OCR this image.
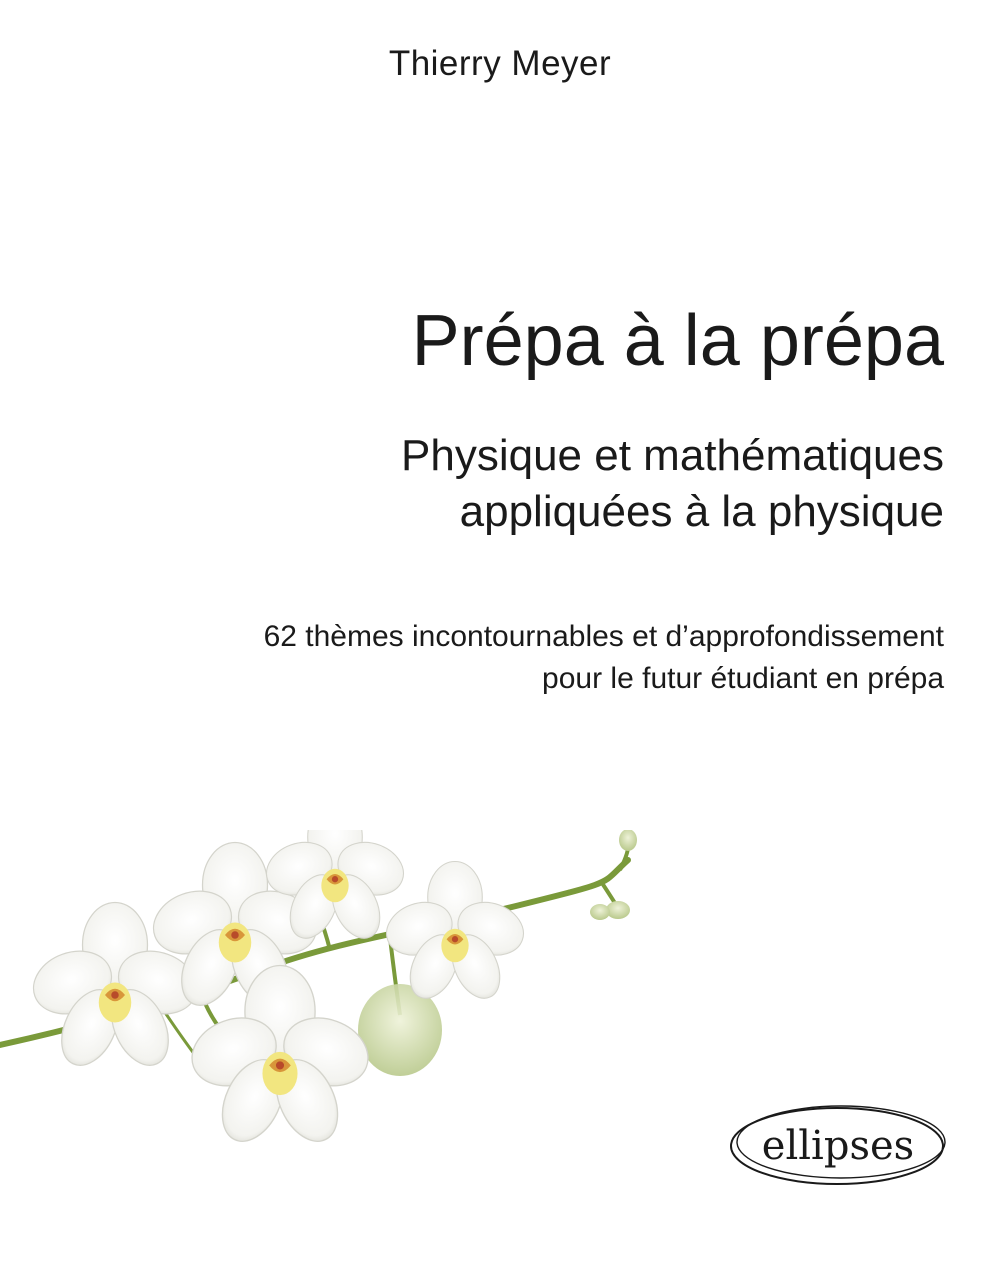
Thierry Meyer
Prépa à la prépa
Physique et mathématiques
appliquées à la physique
62 thèmes incontournables et d’approfondissement
pour le futur étudiant en prépa
ellipses
